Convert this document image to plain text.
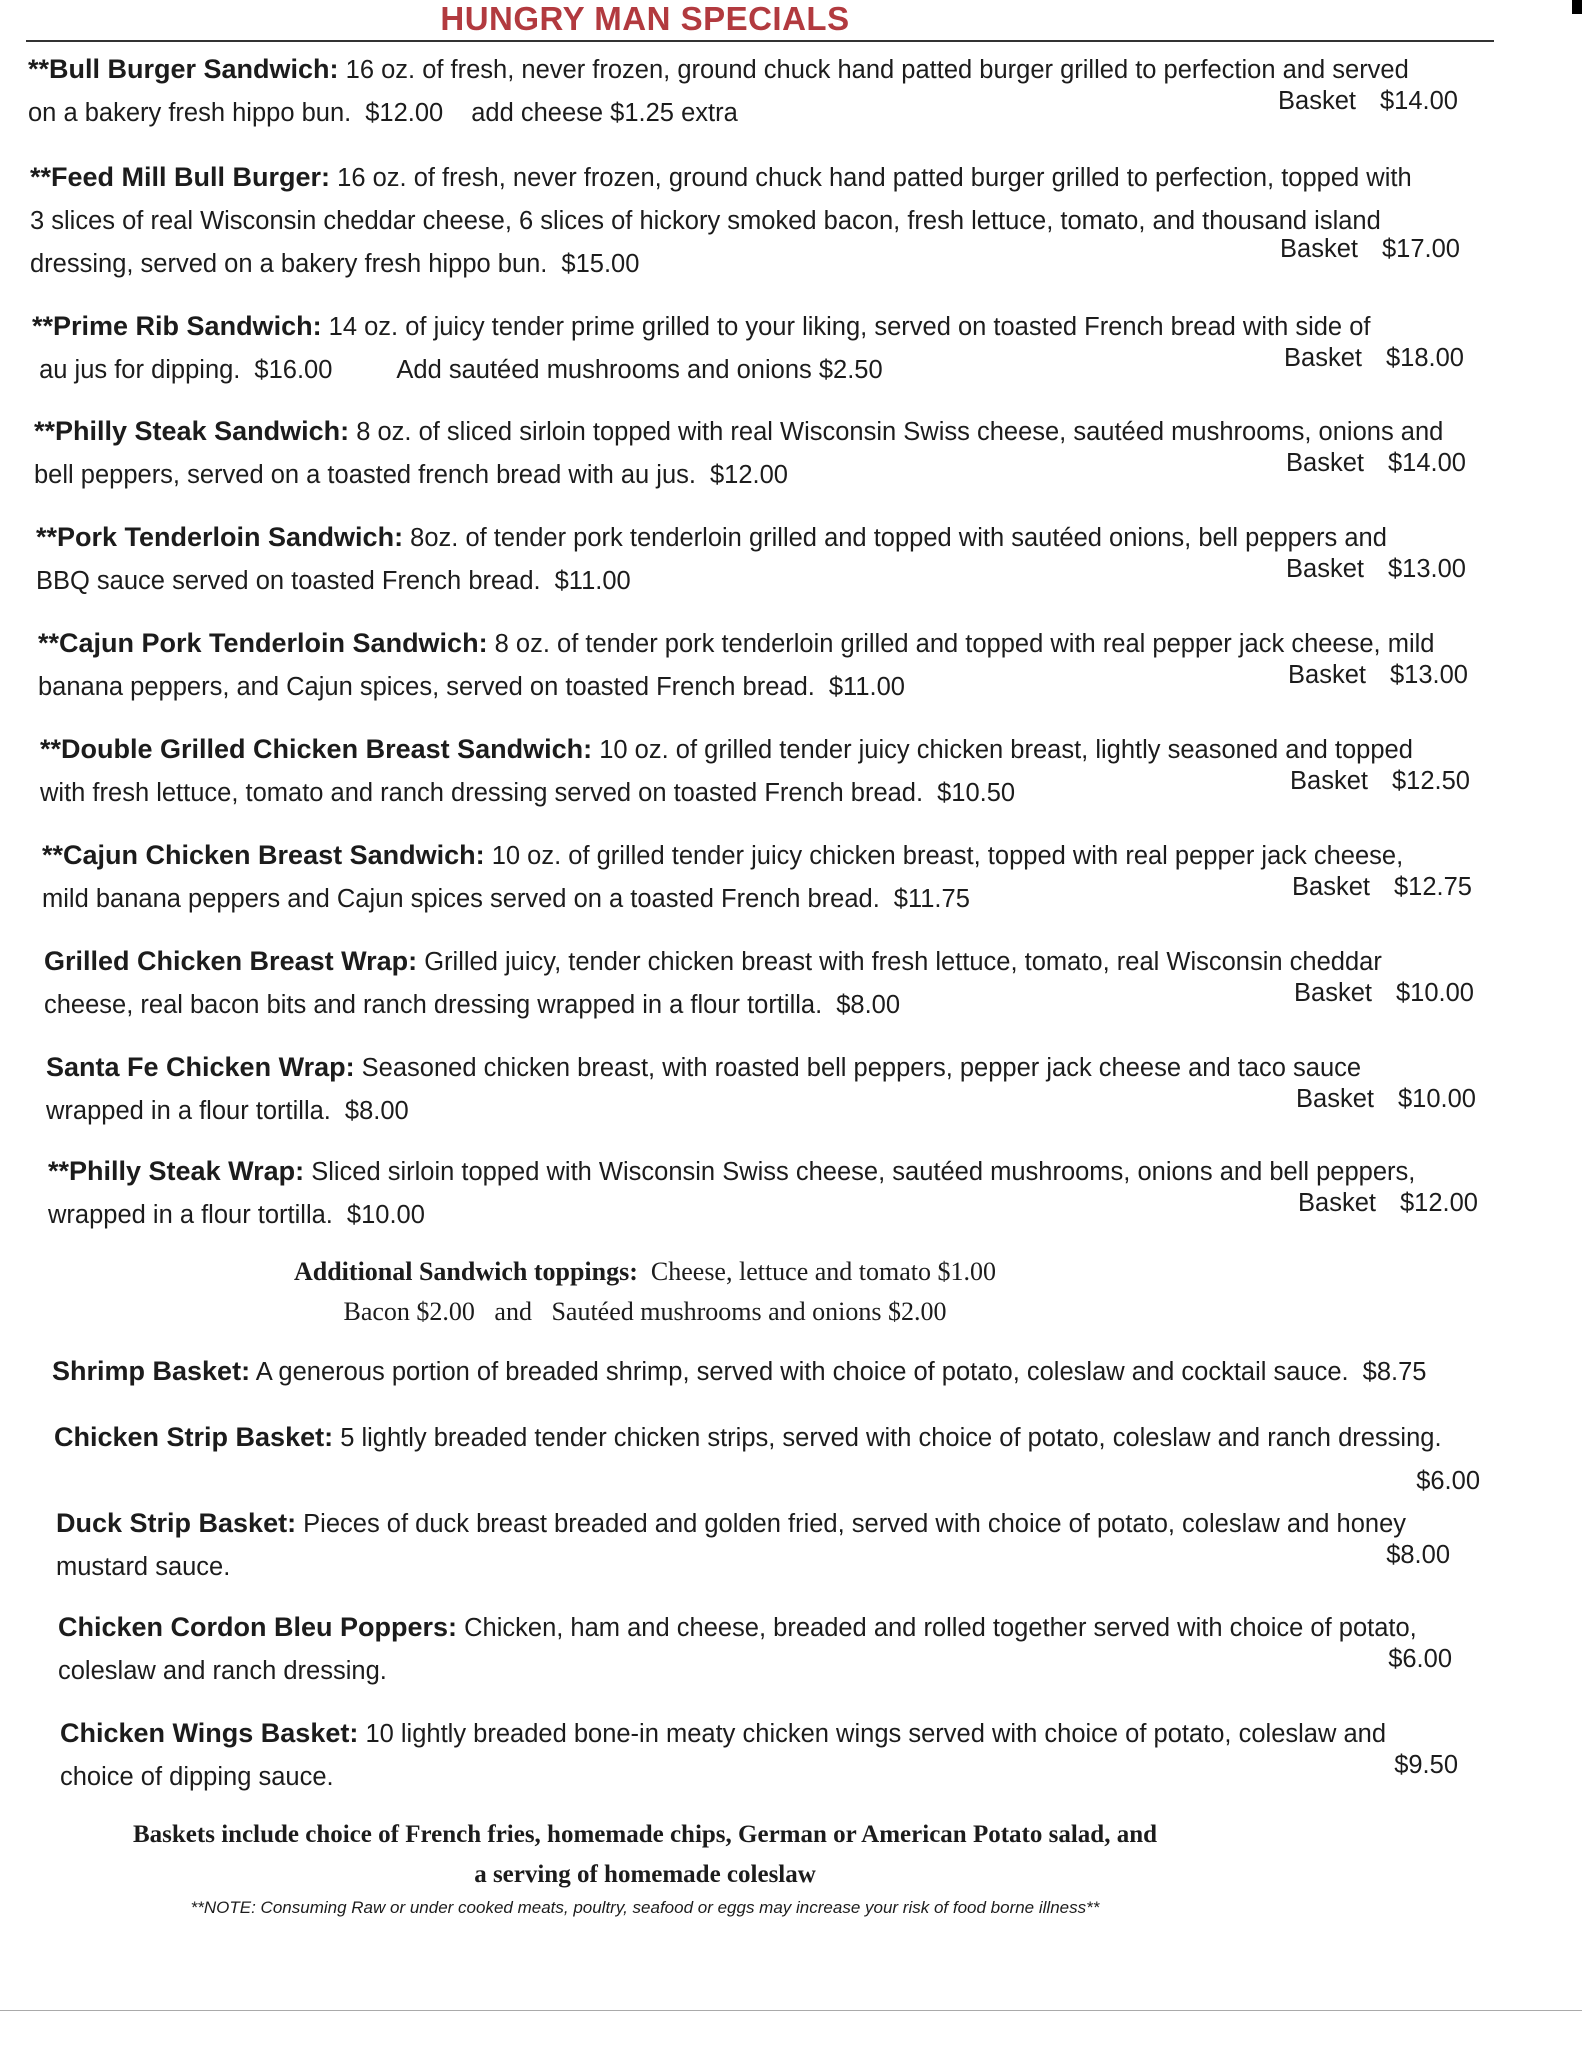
HUNGRY MAN SPECIALS
**Bull Burger Sandwich: 16 oz. of fresh, never frozen, ground chuck hand patted burger grilled to perfection and served
on a bakery fresh hippo bun. $12.00 add cheese $1.25 extra	Basket $14.00
**Feed Mill Bull Burger: 16 oz. of fresh, never frozen, ground chuck hand patted burger grilled to perfection, topped with
3 slices of real Wisconsin cheddar cheese, 6 slices of hickory smoked bacon, fresh lettuce, tomato, and thousand island
dressing, served on a bakery fresh hippo bun. $15.00
Basket $17.00
**Prime Rib Sandwich: 14 oz. of juicy tender prime grilled to your liking, served on toasted French bread with side of
au jus for dipping. $16.00	Add sautéed mushrooms and onions $2.50	Basket $18.00
**Philly Steak Sandwich: 8 oz. of sliced sirloin topped with real Wisconsin Swiss cheese, sautéed mushrooms, onions and
bell peppers, served on a toasted french bread with au jus. $12.00	Basket $14.00
**Pork Tenderloin Sandwich: 8oz. of tender pork tenderloin grilled and topped with sautéed onions, bell peppers and
BBQ sauce served on toasted French bread. $11.00	Basket $13.00
**Cajun Pork Tenderloin Sandwich: 8 oz. of tender pork tenderloin grilled and topped with real pepper jack cheese, mild
banana peppers, and Cajun spices, served on toasted French bread. $11.00	Basket $13.00
**Double Grilled Chicken Breast Sandwich: 10 oz. of grilled tender juicy chicken breast, lightly seasoned and topped
with fresh lettuce, tomato and ranch dressing served on toasted French bread. $10.50	Basket $12.50
**Cajun Chicken Breast Sandwich: 10 oz. of grilled tender juicy chicken breast, topped with real pepper jack cheese,
mild banana peppers and Cajun spices served on a toasted French bread. $11.75	Basket $12.75
Grilled Chicken Breast Wrap: Grilled juicy, tender chicken breast with fresh lettuce, tomato, real Wisconsin cheddar
cheese, real bacon bits and ranch dressing wrapped in a flour tortilla. $8.00	Basket $10.00
Santa Fe Chicken Wrap: Seasoned chicken breast, with roasted bell peppers, pepper jack cheese and taco sauce
wrapped in a flour tortilla. $8.00	Basket $10.00
**Philly Steak Wrap: Sliced sirloin topped with Wisconsin Swiss cheese, sautéed mushrooms, onions and bell peppers,
wrapped in a flour tortilla. $10.00	Basket $12.00
Additional Sandwich toppings: Cheese, lettuce and tomato $1.00
Bacon $2.00   and   Sautéed mushrooms and onions $2.00
Shrimp Basket: A generous portion of breaded shrimp, served with choice of potato, coleslaw and cocktail sauce. $8.75
Chicken Strip Basket: 5 lightly breaded tender chicken strips, served with choice of potato, coleslaw and ranch dressing.
$6.00
Duck Strip Basket: Pieces of duck breast breaded and golden fried, served with choice of potato, coleslaw and honey
mustard sauce.	$8.00
Chicken Cordon Bleu Poppers: Chicken, ham and cheese, breaded and rolled together served with choice of potato,
coleslaw and ranch dressing.	$6.00
Chicken Wings Basket: 10 lightly breaded bone-in meaty chicken wings served with choice of potato, coleslaw and
choice of dipping sauce.	$9.50
Baskets include choice of French fries, homemade chips, German or American Potato salad, and
a serving of homemade coleslaw
**NOTE: Consuming Raw or under cooked meats, poultry, seafood or eggs may increase your risk of food borne illness**
